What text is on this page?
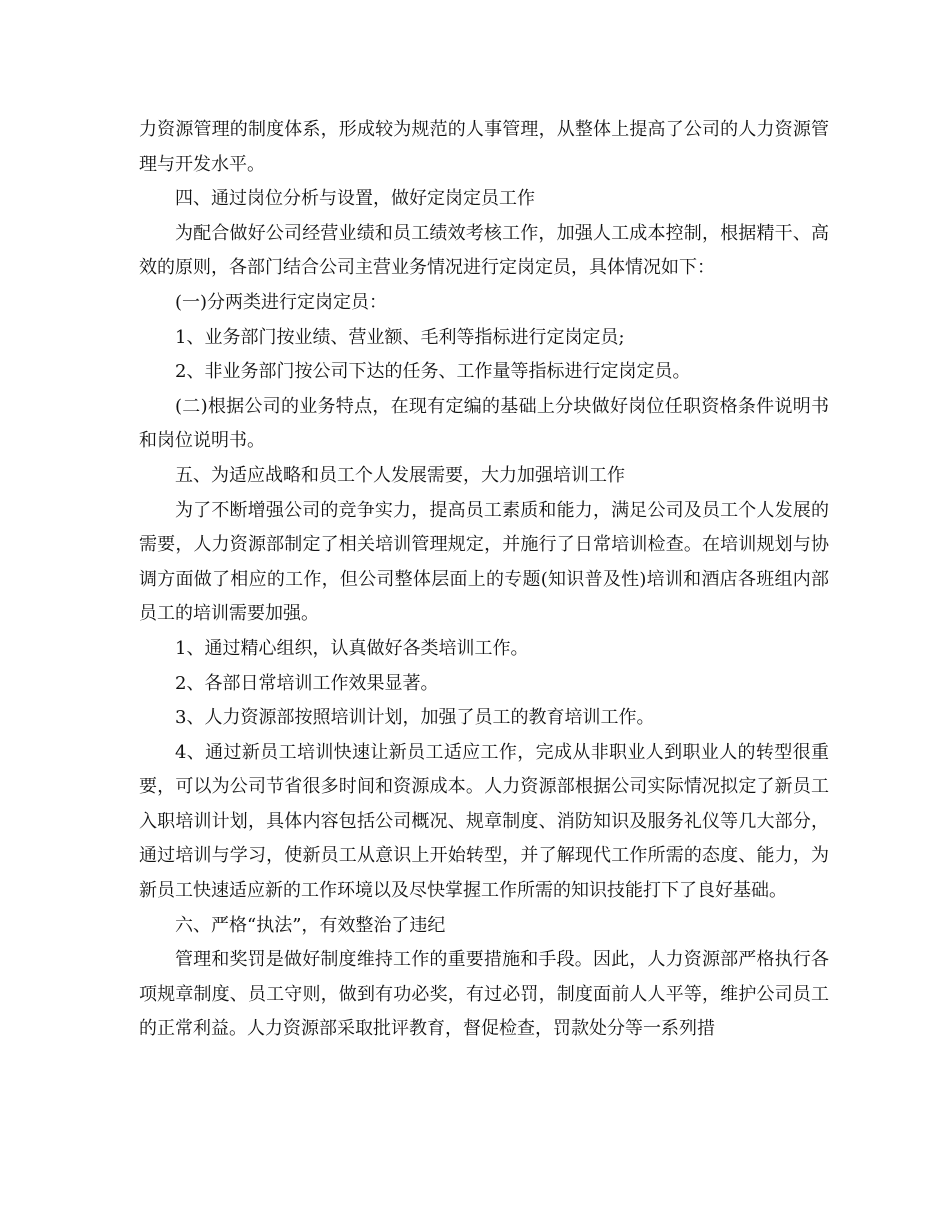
力资源管理的制度体系，形成较为规范的人事管理，从整体上提高了公司的人力资源管理与开发水平。

四、通过岗位分析与设置，做好定岗定员工作

为配合做好公司经营业绩和员工绩效考核工作，加强人工成本控制，根据精干、高效的原则，各部门结合公司主营业务情况进行定岗定员，具体情况如下：

(一)分两类进行定岗定员：

1、业务部门按业绩、营业额、毛利等指标进行定岗定员;

2、非业务部门按公司下达的任务、工作量等指标进行定岗定员。

(二)根据公司的业务特点，在现有定编的基础上分块做好岗位任职资格条件说明书和岗位说明书。

五、为适应战略和员工个人发展需要，大力加强培训工作

为了不断增强公司的竞争实力，提高员工素质和能力，满足公司及员工个人发展的需要，人力资源部制定了相关培训管理规定，并施行了日常培训检查。在培训规划与协调方面做了相应的工作，但公司整体层面上的专题(知识普及性)培训和酒店各班组内部员工的培训需要加强。

1、通过精心组织，认真做好各类培训工作。

2、各部日常培训工作效果显著。

3、人力资源部按照培训计划，加强了员工的教育培训工作。

4、通过新员工培训快速让新员工适应工作，完成从非职业人到职业人的转型很重要，可以为公司节省很多时间和资源成本。人力资源部根据公司实际情况拟定了新员工入职培训计划，具体内容包括公司概况、规章制度、消防知识及服务礼仪等几大部分，通过培训与学习，使新员工从意识上开始转型，并了解现代工作所需的态度、能力，为新员工快速适应新的工作环境以及尽快掌握工作所需的知识技能打下了良好基础。

六、严格“执法”，有效整治了违纪

管理和奖罚是做好制度维持工作的重要措施和手段。因此，人力资源部严格执行各项规章制度、员工守则，做到有功必奖，有过必罚，制度面前人人平等，维护公司员工的正常利益。人力资源部采取批评教育，督促检查，罚款处分等一系列措
